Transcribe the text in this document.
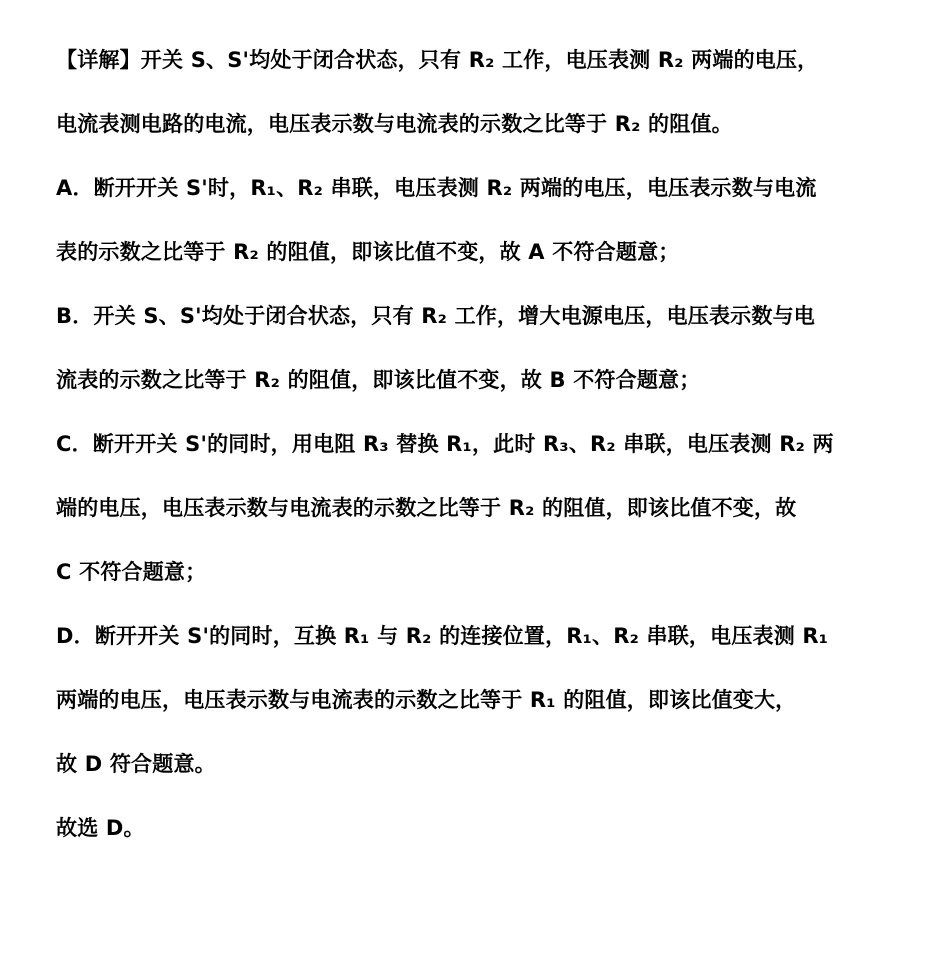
【详解】开关 S、S'均处于闭合状态，只有 R₂ 工作，电压表测 R₂ 两端的电压，
电流表测电路的电流，电压表示数与电流表的示数之比等于 R₂ 的阻值。
A．断开开关 S'时，R₁、R₂ 串联，电压表测 R₂ 两端的电压，电压表示数与电流
表的示数之比等于 R₂ 的阻值，即该比值不变，故 A 不符合题意；
B．开关 S、S'均处于闭合状态，只有 R₂ 工作，增大电源电压，电压表示数与电
流表的示数之比等于 R₂ 的阻值，即该比值不变，故 B 不符合题意；
C．断开开关 S'的同时，用电阻 R₃ 替换 R₁，此时 R₃、R₂ 串联，电压表测 R₂ 两
端的电压，电压表示数与电流表的示数之比等于 R₂ 的阻值，即该比值不变，故
C 不符合题意；
D．断开开关 S'的同时，互换 R₁ 与 R₂ 的连接位置，R₁、R₂ 串联，电压表测 R₁
两端的电压，电压表示数与电流表的示数之比等于 R₁ 的阻值，即该比值变大，
故 D 符合题意。
故选 D。
